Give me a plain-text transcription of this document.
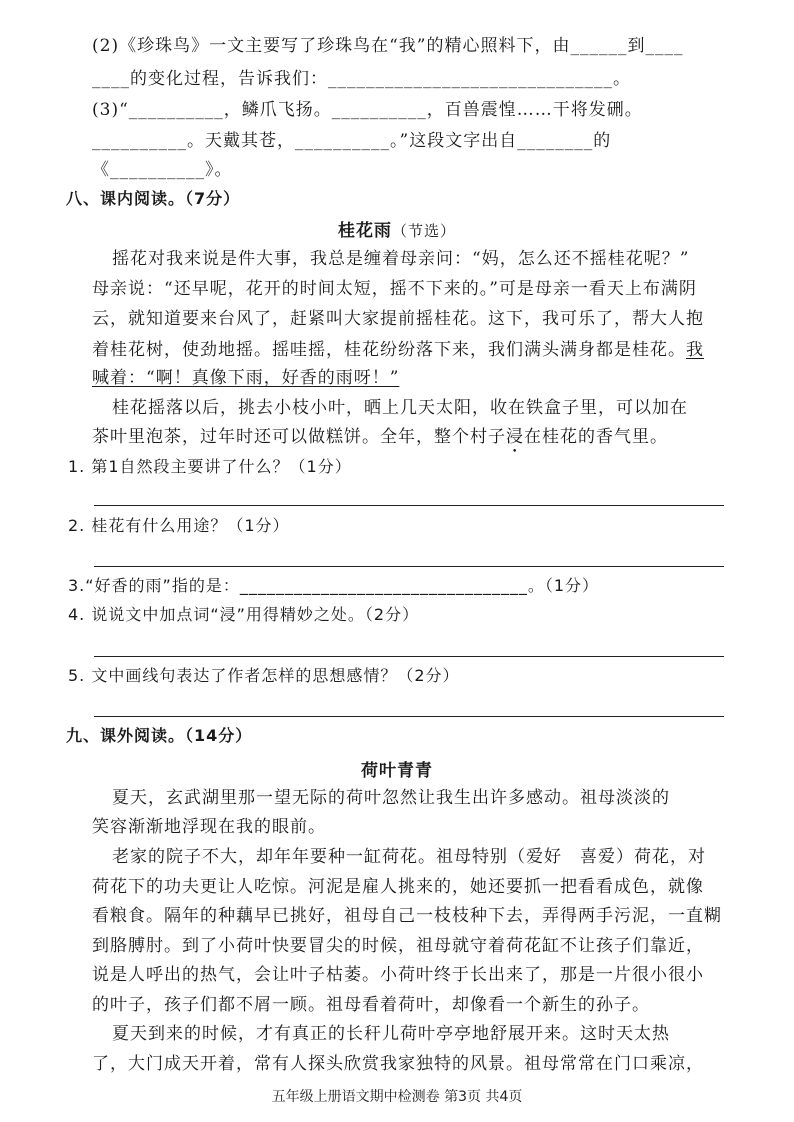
(2)《珍珠鸟》一文主要写了珍珠鸟在“我”的精心照料下，由______到____
____的变化过程，告诉我们：______________________________。
(3)“__________，鳞爪飞扬。__________，百兽震惶……干将发硎。
__________。天戴其苍，__________。”这段文字出自________的
《__________》。
八、课内阅读。（7分）
桂花雨（节选）
摇花对我来说是件大事，我总是缠着母亲问：“妈，怎么还不摇桂花呢？”
母亲说：“还早呢，花开的时间太短，摇不下来的。”可是母亲一看天上布满阴
云，就知道要来台风了，赶紧叫大家提前摇桂花。这下，我可乐了，帮大人抱
着桂花树，使劲地摇。摇哇摇，桂花纷纷落下来，我们满头满身都是桂花。我
喊着：“啊！真像下雨，好香的雨呀！”
桂花摇落以后，挑去小枝小叶，晒上几天太阳，收在铁盒子里，可以加在
茶叶里泡茶，过年时还可以做糕饼。全年，整个村子浸在桂花的香气里。
1. 第1自然段主要讲了什么？（1分）
2. 桂花有什么用途？（1分）
3.“好香的雨”指的是：________________________________。（1分）
4. 说说文中加点词“浸”用得精妙之处。（2分）
5. 文中画线句表达了作者怎样的思想感情？（2分）
九、课外阅读。（14分）
荷叶青青
夏天，玄武湖里那一望无际的荷叶忽然让我生出许多感动。祖母淡淡的
笑容渐渐地浮现在我的眼前。
老家的院子不大，却年年要种一缸荷花。祖母特别（爱好　喜爱）荷花，对
荷花下的功夫更让人吃惊。河泥是雇人挑来的，她还要抓一把看看成色，就像
看粮食。隔年的种藕早已挑好，祖母自己一枝枝种下去，弄得两手污泥，一直糊
到胳膊肘。到了小荷叶快要冒尖的时候，祖母就守着荷花缸不让孩子们靠近，
说是人呼出的热气，会让叶子枯萎。小荷叶终于长出来了，那是一片很小很小
的叶子，孩子们都不屑一顾。祖母看着荷叶，却像看一个新生的孙子。
夏天到来的时候，才有真正的长秆儿荷叶亭亭地舒展开来。这时天太热
了，大门成天开着，常有人探头欣赏我家独特的风景。祖母常常在门口乘凉，
五年级上册语文期中检测卷 第3页 共4页
